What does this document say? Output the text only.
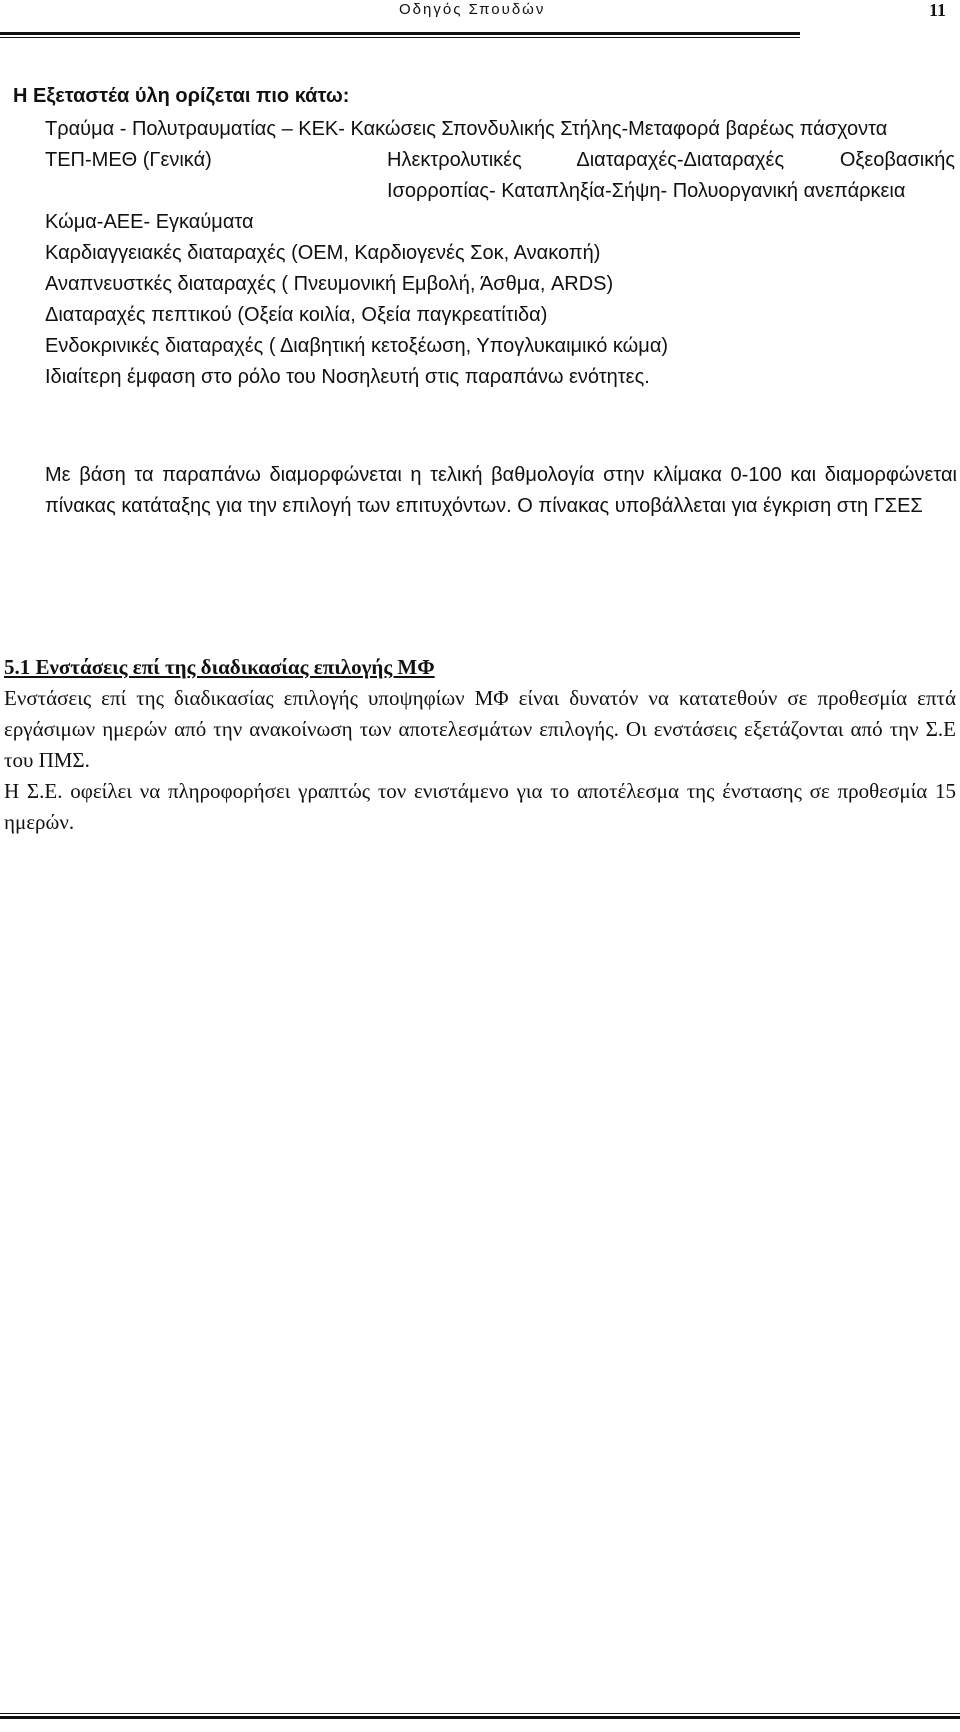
Οδηγός Σπουδών	11
Η Εξεταστέα ύλη ορίζεται πιο κάτω:

Τραύμα - Πολυτραυματίας – ΚΕΚ- Κακώσεις Σπονδυλικής Στήλης-Μεταφορά βαρέως πάσχοντα

ΤΕΠ-ΜΕΘ (Γενικά)	Ηλεκτρολυτικές Διαταραχές-Διαταραχές Οξεοβασικής Ισορροπίας- Καταπληξία-Σήψη- Πολυοργανική ανεπάρκεια

Κώμα-ΑΕΕ- Εγκαύματα

Καρδιαγγειακές διαταραχές (ΟΕΜ, Καρδιογενές Σοκ, Ανακοπή)

Αναπνευστκές διαταραχές ( Πνευμονική Εμβολή, Άσθμα, ARDS)

Διαταραχές πεπτικού (Οξεία κοιλία, Οξεία παγκρεατίτιδα)

Ενδοκρινικές διαταραχές ( Διαβητική κετοξέωση, Υπογλυκαιμικό κώμα)

Ιδιαίτερη έμφαση στο ρόλο του Νοσηλευτή στις παραπάνω ενότητες.

Με βάση τα παραπάνω διαμορφώνεται η τελική βαθμολογία στην κλίμακα 0-100 και διαμορφώνεται πίνακας κατάταξης για την επιλογή των επιτυχόντων. Ο πίνακας υποβάλλεται για έγκριση στη ΓΣΕΣ
5.1 Ενστάσεις επί της διαδικασίας επιλογής ΜΦ

Ενστάσεις επί της διαδικασίας επιλογής υποψηφίων ΜΦ είναι δυνατόν να κατατεθούν σε προθεσμία επτά εργάσιμων ημερών από την ανακοίνωση των αποτελεσμάτων επιλογής. Οι ενστάσεις εξετάζονται από την Σ.Ε του ΠΜΣ.

Η Σ.Ε. οφείλει να πληροφορήσει γραπτώς τον ενιστάμενο για το αποτέλεσμα της ένστασης σε προθεσμία 15 ημερών.
